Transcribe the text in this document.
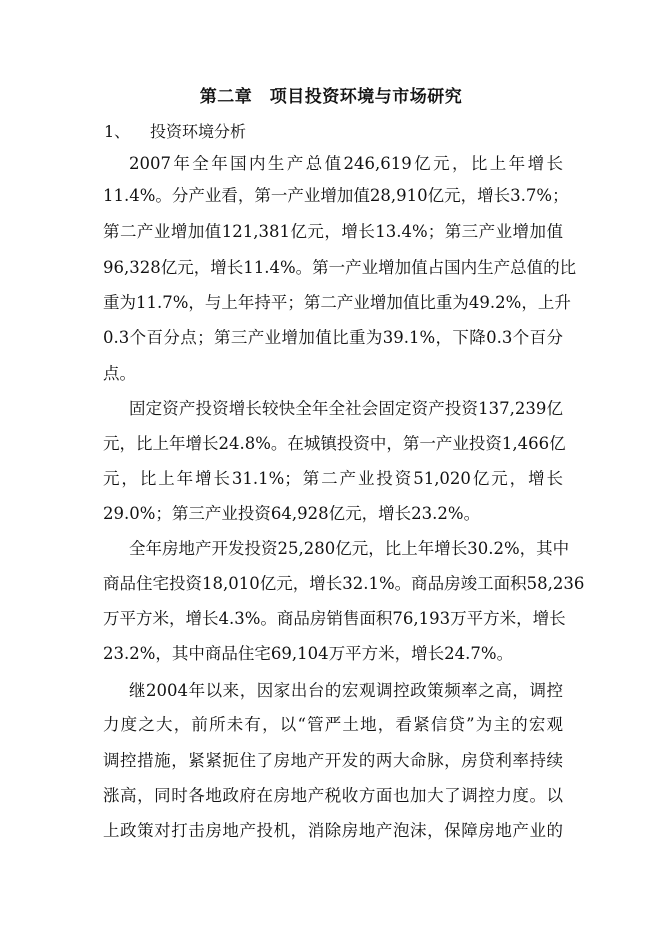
第二章　项目投资环境与市场研究
1、 投资环境分析
2007年全年国内生产总值246,619亿元，比上年增长
11.4%。分产业看，第一产业增加值28,910亿元，增长3.7%；
第二产业增加值121,381亿元，增长13.4%；第三产业增加值
96,328亿元，增长11.4%。第一产业增加值占国内生产总值的比
重为11.7%，与上年持平；第二产业增加值比重为49.2%，上升
0.3个百分点；第三产业增加值比重为39.1%，下降0.3个百分
点。
固定资产投资增长较快全年全社会固定资产投资137,239亿
元，比上年增长24.8%。在城镇投资中，第一产业投资1,466亿
元，比上年增长31.1%；第二产业投资51,020亿元，增长
29.0%；第三产业投资64,928亿元，增长23.2%。
全年房地产开发投资25,280亿元，比上年增长30.2%，其中
商品住宅投资18,010亿元，增长32.1%。商品房竣工面积58,236
万平方米，增长4.3%。商品房销售面积76,193万平方米，增长
23.2%，其中商品住宅69,104万平方米，增长24.7%。
继2004年以来，因家出台的宏观调控政策频率之高，调控
力度之大，前所未有，以“管严土地，看紧信贷”为主的宏观
调控措施，紧紧扼住了房地产开发的两大命脉，房贷利率持续
涨高，同时各地政府在房地产税收方面也加大了调控力度。以
上政策对打击房地产投机，消除房地产泡沫，保障房地产业的
